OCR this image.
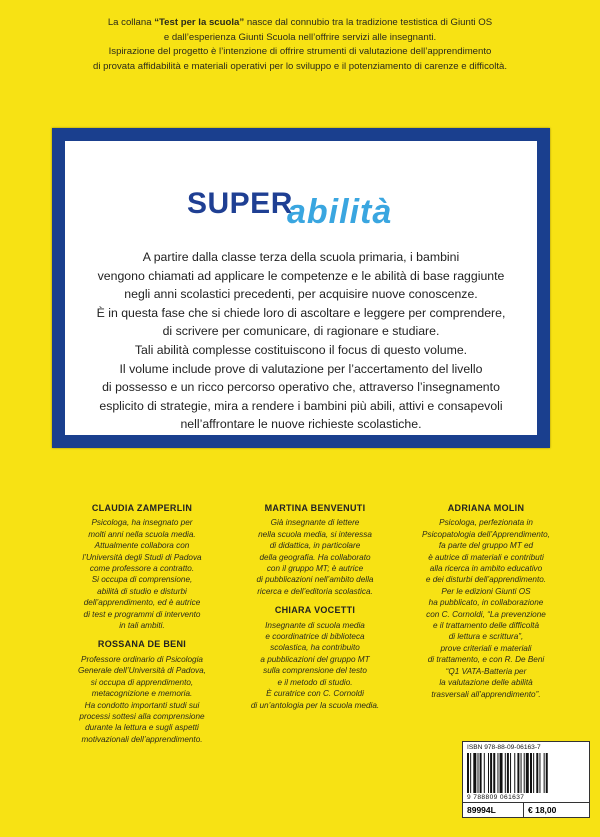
La collana “Test per la scuola” nasce dal connubio tra la tradizione testistica di Giunti OS
e dall’esperienza Giunti Scuola nell’offrire servizi alle insegnanti.
Ispirazione del progetto è l’intenzione di offrire strumenti di valutazione dell’apprendimento
di provata affidabilità e materiali operativi per lo sviluppo e il potenziamento di carenze e difficoltà.
SUPER
abilità
A partire dalla classe terza della scuola primaria, i bambini
vengono chiamati ad applicare le competenze e le abilità di base raggiunte
negli anni scolastici precedenti, per acquisire nuove conoscenze.
È in questa fase che si chiede loro di ascoltare e leggere per comprendere,
di scrivere per comunicare, di ragionare e studiare.
Tali abilità complesse costituiscono il focus di questo volume.
Il volume include prove di valutazione per l’accertamento del livello
di possesso e un ricco percorso operativo che, attraverso l’insegnamento
esplicito di strategie, mira a rendere i bambini più abili, attivi e consapevoli
nell’affrontare le nuove richieste scolastiche.
CLAUDIA ZAMPERLIN
Psicologa, ha insegnato per
molti anni nella scuola media.
Attualmente collabora con
l’Università degli Studi di Padova
come professore a contratto.
Si occupa di comprensione,
abilità di studio e disturbi
dell’apprendimento, ed è autrice
di test e programmi di intervento
in tali ambiti.
ROSSANA DE BENI
Professore ordinario di Psicologia
Generale dell’Università di Padova,
si occupa di apprendimento,
metacognizione e memoria.
Ha condotto importanti studi sui
processi sottesi alla comprensione
durante la lettura e sugli aspetti
motivazionali dell’apprendimento.
MARTINA BENVENUTI
Già insegnante di lettere
nella scuola media, si interessa
di didattica, in particolare
della geografia. Ha collaborato
con il gruppo MT; è autrice
di pubblicazioni nell’ambito della
ricerca e dell’editoria scolastica.
CHIARA VOCETTI
Insegnante di scuola media
e coordinatrice di biblioteca
scolastica, ha contribuito
a pubblicazioni del gruppo MT
sulla comprensione del testo
e il metodo di studio.
È curatrice con C. Cornoldi
di un’antologia per la scuola media.
ADRIANA MOLIN
Psicologa, perfezionata in
Psicopatologia dell’Apprendimento,
fa parte del gruppo MT ed
è autrice di materiali e contributi
alla ricerca in ambito educativo
e dei disturbi dell’apprendimento.
Per le edizioni Giunti OS
ha pubblicato, in collaborazione
con C. Cornoldi, “La prevenzione
e il trattamento delle difficoltà
di lettura e scrittura”,
prove criteriali e materiali
di trattamento, e con R. De Beni
“Q1 VATA-Batteria per
la valutazione delle abilità
trasversali all’apprendimento”.
ISBN 978-88-09-06163-7
9 788809 061637
89994L	€ 18,00
